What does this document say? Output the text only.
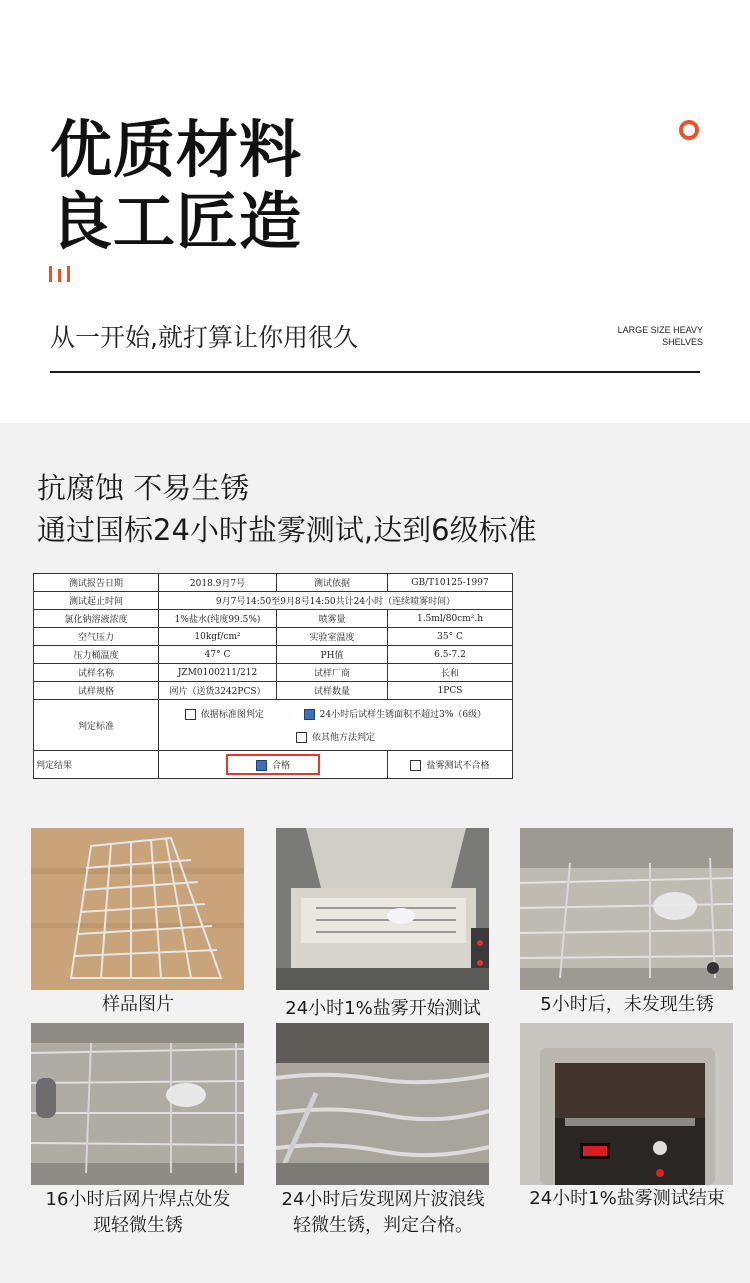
优质材料
良工匠造
从一开始,就打算让你用很久	LARGE SIZE HEAVY
SHELVES
抗腐蚀 不易生锈
通过国标24小时盐雾测试,达到6级标准
测试报告日期	2018.9月7号	测试依据	GB/T10125-1997
测试起止时间	9月7号14:50至9月8号14:50共计24小时（连续喷雾时间）		
氯化钠溶液浓度	1%盐水(纯度99.5%)	喷雾量	1.5ml/80cm².h
空气压力	10kgf/cm²	实验室温度	35° C
压力桶温度	47° C	PH值	6.5-7.2
试样名称	JZM0100211/212	试样厂商	长和
试样规格	网片（送货3242PCS）	试样数量	1PCS
判定标准	依据标准图判定 24小时后试样生锈面积不超过3%（6级）
依其他方法判定		

判定结果	合格		盐雾测试不合格
样品图片	24小时1%盐雾开始测试	5小时后，未发现生锈
16小时后网片焊点处发
现轻微生锈
24小时后发现网片波浪线
轻微生锈，判定合格。
24小时1%盐雾测试结束
